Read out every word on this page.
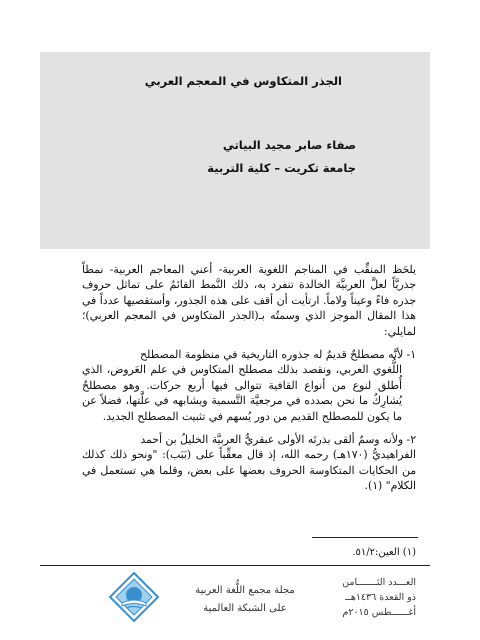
الجذر المتكاوس في المعجم العربي
صفاء صابر مجيد البياتي
جامعة تكريت – كلية التربية

يلحَظ المنقِّب في المناجم اللغوية العربية- أعني المعاجم العربية- نمطاً جذريَّاً لعلَّ العربيَّة الخالدة تنفرد به، ذلك النَّمط القائمُ على تماثل حروف جذره فاءً وعيناً ولاماً. ارتأيت أن أقف على هذه الجذور، وأستقصيها عدداً في هذا المقال الموجز الذي وسمتُه بـ(الجذر المتكاوس في المعجم العربي)؛ لمايلي:

١- لأنَّه مصطلحٌ قديمٌ له جذوره التاريخية في منظومة المصطلح
اللُّغوي العربي، ونقصد بذلك مصطلح المتكاوس في علم العَروض، الذي أُطلق لنوع من أنواع القافية تتوالى فيها أربع حركات. وهو مصطلحٌ يُشارِكُ ما نحن بصدده في مرجعيَّة التَّسمية ويشابهه في علَّتها، فضلاً عن ما يكون للمصطلح القديم من دور يُسهم في تثبيت المصطلح الجديد.
٢- ولأنه وسمٌ ألقى بذرتَه الأولى عبقريُّ العربيَّة الخليلُ بن أحمد
الفراهيديُّ (١٧٠هـ) رحمه الله، إذ قال معقِّباً على (بَبَب): "ونحو ذلك كذلك من الحكايات المتكاوسة الحروف بعضها على بعض، وقلما هي تستعمل في الكلام" (١).
(١) العين:٥١/٢.
العـــدد الثـــــــامن
ذو القعدة ١٤٣٦هــ
أغــــــطس ٢٠١٥م
مجلة مجمع اللُّغة العربية
على الشبكة العالمية
